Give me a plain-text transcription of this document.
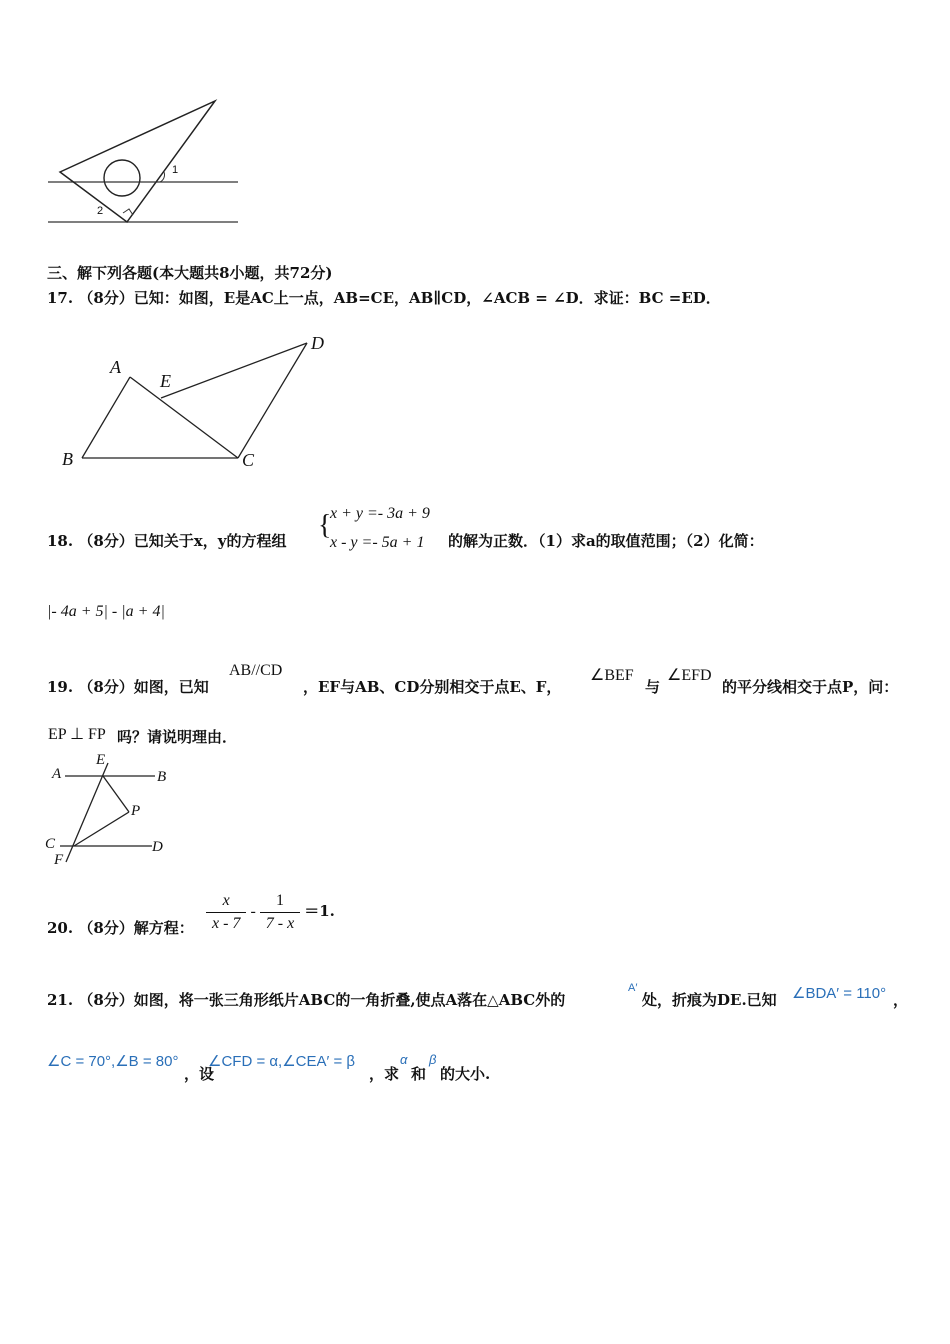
1
2
三、解下列各题(本大题共8小题，共72分)
17. （8分）已知：如图，E是AC上一点，AB=CE，AB∥CD，∠ACB = ∠D．求证：BC =ED．
A
B	C
D
E
18. （8分）已知关于x，y的方程组 {
x + y =- 3a + 9
x - y =- 5a + 1 的解为正数．（1）求a的取值范围；（2）化简：
|- 4a + 5| - |a + 4|
19. （8分）如图，已知
AB//CD
，EF与AB、CD分别相交于点E、F，
∠BEF
与
∠EFD
的平分线相交于点P，问：
EP ⊥ FP 吗？请说明理由．
A	B
C	D
E
F
P
20. （8分）解方程： $\frac{x}{x - 7} - \frac{1}{7 - x} =1$.
21. （8分）如图，将一张三角形纸片ABC的一角折叠,使点A落在△ABC外的
A′
处，折痕为DE.已知 ∠BDA′ = 110° ，
∠C = 70°,∠B = 80°
，设
∠CFD = α,∠CEA′ = β
，求
α
和
β
的大小.
